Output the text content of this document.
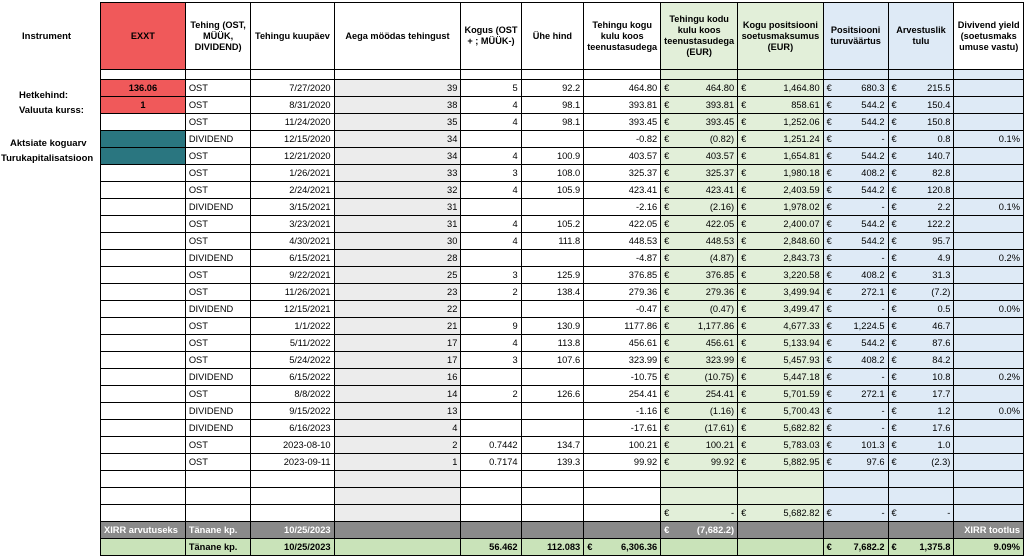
Instrument
Hetkehind:
Valuuta kurss:
Aktsiate koguarv
Turukapitalisatsioon
EXXT	Tehing (OST, MÜÜK, DIVIDEND)	Tehingu kuupäev	Aega möödas tehingust	Kogus (OST + ; MÜÜK-)	Ühe hind	Tehingu kogu kulu koos teenustasudega	Tehingu kodu kulu koos teenustasudega (EUR)	Kogu positsiooni soetusmaksumus (EUR)	Positsiooni turuväärtus	Arvestuslik tulu	Divivend yield (soetusmaks umuse vastu)

136.06	OST	7/27/2020	39	5	92.2	464.80	€ 464.80	€ 1,464.80	€ 680.3	€ 215.5	

1	OST	8/31/2020	38	4	98.1	393.81	€ 393.81	€ 858.61	€ 544.2	€ 150.4	

	OST	11/24/2020	35	4	98.1	393.45	€ 393.45	€ 1,252.06	€ 544.2	€ 150.8	

	DIVIDEND	12/15/2020	34			-0.82	€ (0.82)	€ 1,251.24	€ -	€ 0.8	0.1%
	OST	12/21/2020	34	4	100.9	403.57	€ 403.57	€ 1,654.81	€ 544.2	€ 140.7	

	OST	1/26/2021	33	3	108.0	325.37	€ 325.37	€ 1,980.18	€ 408.2	€ 82.8	

	OST	2/24/2021	32	4	105.9	423.41	€ 423.41	€ 2,403.59	€ 544.2	€ 120.8	

	DIVIDEND	3/15/2021	31			-2.16	€ (2.16)	€ 1,978.02	€ -	€ 2.2	0.1%
	OST	3/23/2021	31	4	105.2	422.05	€ 422.05	€ 2,400.07	€ 544.2	€ 122.2	

	OST	4/30/2021	30	4	111.8	448.53	€ 448.53	€ 2,848.60	€ 544.2	€ 95.7	

	DIVIDEND	6/15/2021	28			-4.87	€ (4.87)	€ 2,843.73	€ -	€ 4.9	0.2%
	OST	9/22/2021	25	3	125.9	376.85	€ 376.85	€ 3,220.58	€ 408.2	€ 31.3	

	OST	11/26/2021	23	2	138.4	279.36	€ 279.36	€ 3,499.94	€ 272.1	€ (7.2)	

	DIVIDEND	12/15/2021	22			-0.47	€ (0.47)	€ 3,499.47	€ -	€ 0.5	0.0%
	OST	1/1/2022	21	9	130.9	1177.86	€ 1,177.86	€ 4,677.33	€ 1,224.5	€ 46.7	

	OST	5/11/2022	17	4	113.8	456.61	€ 456.61	€ 5,133.94	€ 544.2	€ 87.6	

	OST	5/24/2022	17	3	107.6	323.99	€ 323.99	€ 5,457.93	€ 408.2	€ 84.2	

	DIVIDEND	6/15/2022	16			-10.75	€ (10.75)	€ 5,447.18	€ -	€ 10.8	0.2%
	OST	8/8/2022	14	2	126.6	254.41	€ 254.41	€ 5,701.59	€ 272.1	€ 17.7	

	DIVIDEND	9/15/2022	13			-1.16	€ (1.16)	€ 5,700.43	€ -	€ 1.2	0.0%
	DIVIDEND	6/16/2023	4			-17.61	€ (17.61)	€ 5,682.82	€ -	€ 17.6	

	OST	2023-08-10	2	0.7442	134.7	100.21	€ 100.21	€ 5,783.03	€ 101.3	€ 1.0	

	OST	2023-09-11	1	0.7174	139.3	99.92	€ 99.92	€ 5,882.95	€ 97.6	€ (2.3)	

							€ -	€ 5,682.82	€ -	€ -	

XIRR arvutuseks	Tänane kp.	10/25/2023					€ (7,682.2)				XIRR tootlus
	Tänane kp.	10/25/2023		56.462	112.083	€ 6,306.36			€ 7,682.2	€ 1,375.8	9.09%
